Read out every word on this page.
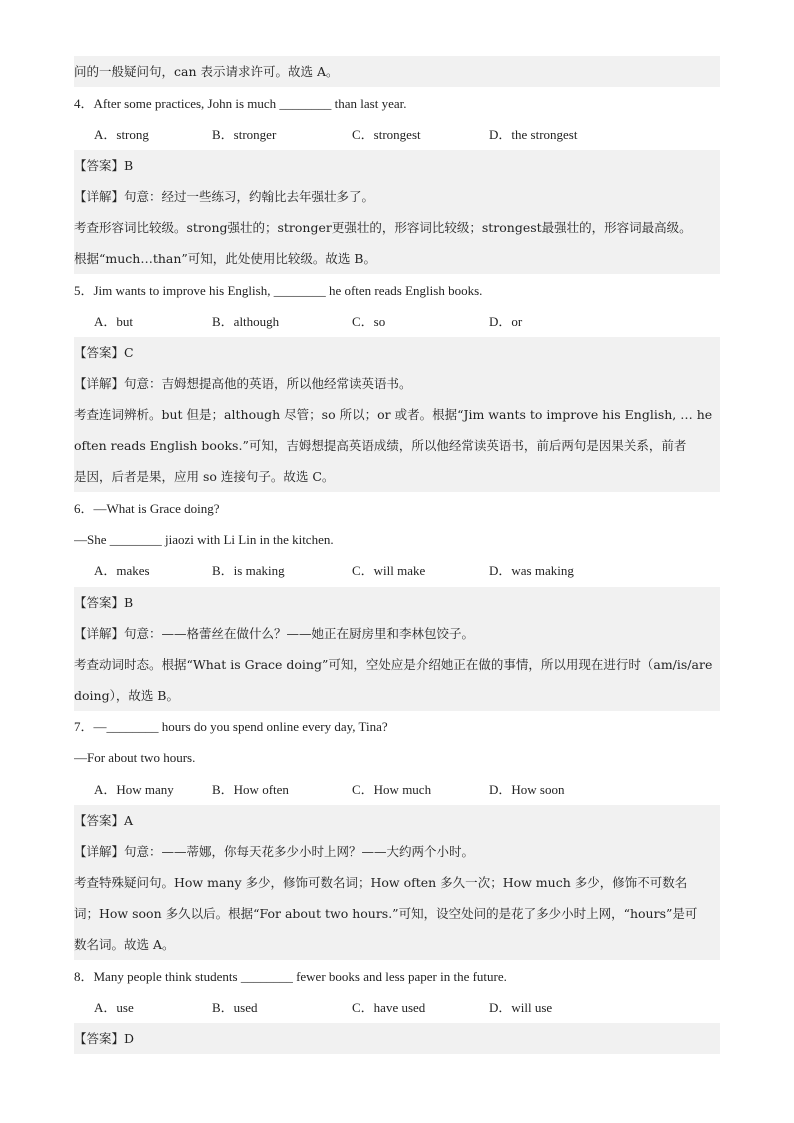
问的一般疑问句，can 表示请求许可。故选 A。
4．After some practices, John is much ________ than last year.
A．strong	B．stronger	C．strongest	D．the strongest
【答案】B
【详解】句意：经过一些练习，约翰比去年强壮多了。
考查形容词比较级。strong强壮的；stronger更强壮的，形容词比较级；strongest最强壮的，形容词最高级。
根据“much…than”可知，此处使用比较级。故选 B。
5．Jim wants to improve his English, ________ he often reads English books.
A．but	B．although	C．so	D．or
【答案】C
【详解】句意：吉姆想提高他的英语，所以他经常读英语书。
考查连词辨析。but 但是；although 尽管；so 所以；or 或者。根据“Jim wants to improve his English, … he
often reads English books.”可知，吉姆想提高英语成绩，所以他经常读英语书，前后两句是因果关系，前者
是因，后者是果，应用 so 连接句子。故选 C。
6．—What is Grace doing?
—She ________ jiaozi with Li Lin in the kitchen.
A．makes	B．is making	C．will make	D．was making
【答案】B
【详解】句意：——格蕾丝在做什么？——她正在厨房里和李林包饺子。
考查动词时态。根据“What is Grace doing”可知，空处应是介绍她正在做的事情，所以用现在进行时（am/is/are
doing），故选 B。
7．—________ hours do you spend online every day, Tina?
—For about two hours.
A．How many	B．How often	C．How much	D．How soon
【答案】A
【详解】句意：——蒂娜，你每天花多少小时上网？——大约两个小时。
考查特殊疑问句。How many 多少，修饰可数名词；How often 多久一次；How much 多少，修饰不可数名
词；How soon 多久以后。根据“For about two hours.”可知，设空处问的是花了多少小时上网，“hours”是可
数名词。故选 A。
8．Many people think students ________ fewer books and less paper in the future.
A．use	B．used	C．have used	D．will use
【答案】D
